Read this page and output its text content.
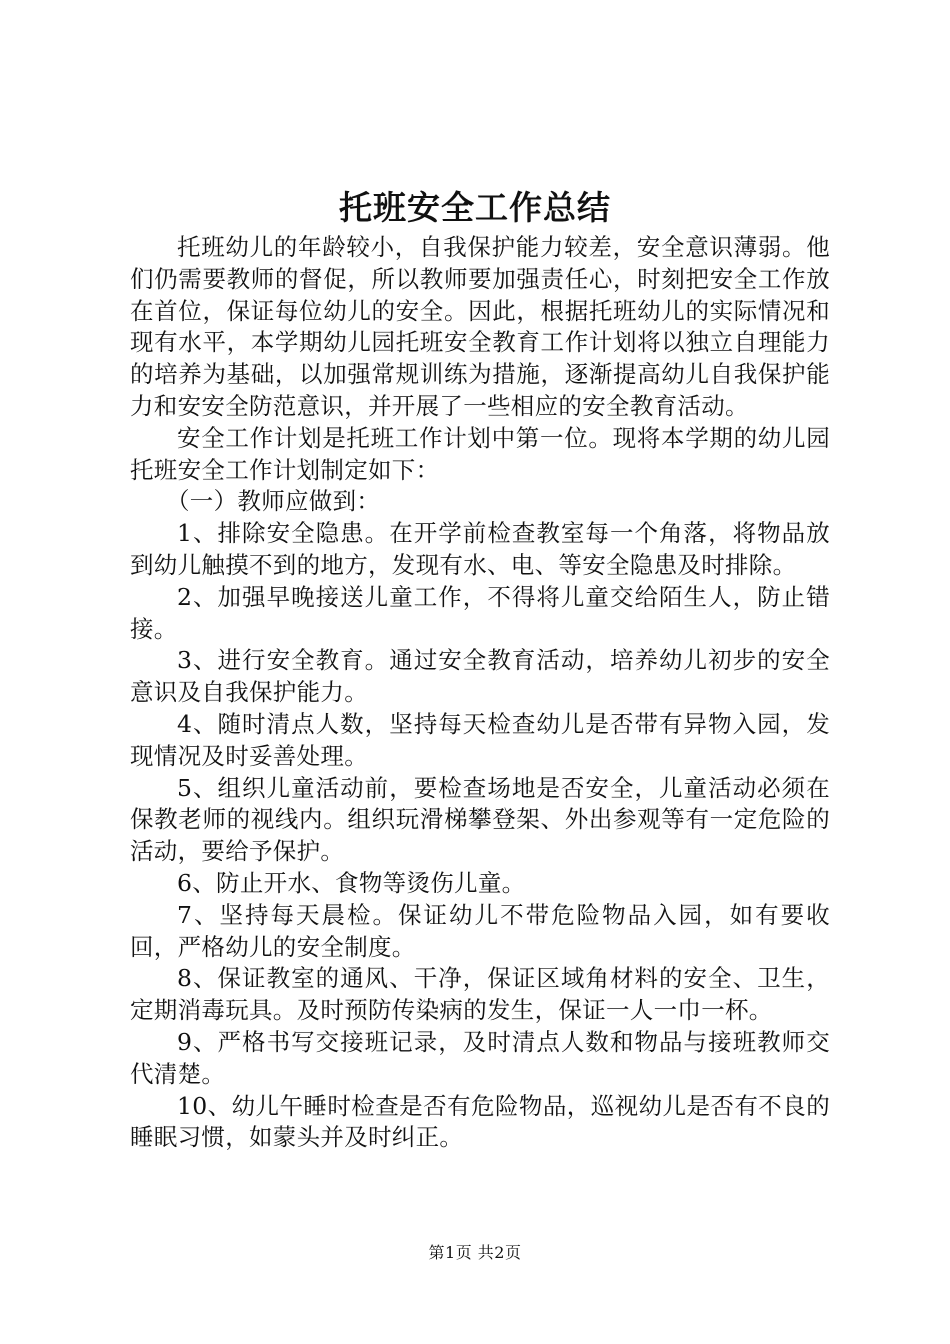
托班安全工作总结

托班幼儿的年龄较小，自我保护能力较差，安全意识薄弱。他们仍需要教师的督促，所以教师要加强责任心，时刻把安全工作放在首位，保证每位幼儿的安全。因此，根据托班幼儿的实际情况和现有水平，本学期幼儿园托班安全教育工作计划将以独立自理能力的培养为基础，以加强常规训练为措施，逐渐提高幼儿自我保护能力和安安全防范意识，并开展了一些相应的安全教育活动。

安全工作计划是托班工作计划中第一位。现将本学期的幼儿园托班安全工作计划制定如下：

（一）教师应做到：

1、排除安全隐患。在开学前检查教室每一个角落，将物品放到幼儿触摸不到的地方，发现有水、电、等安全隐患及时排除。

2、加强早晚接送儿童工作，不得将儿童交给陌生人，防止错接。

3、进行安全教育。通过安全教育活动，培养幼儿初步的安全意识及自我保护能力。

4、随时清点人数，坚持每天检查幼儿是否带有异物入园，发现情况及时妥善处理。

5、组织儿童活动前，要检查场地是否安全，儿童活动必须在保教老师的视线内。组织玩滑梯攀登架、外出参观等有一定危险的活动，要给予保护。

6、防止开水、食物等烫伤儿童。

7、坚持每天晨检。保证幼儿不带危险物品入园，如有要收回，严格幼儿的安全制度。

8、保证教室的通风、干净，保证区域角材料的安全、卫生，定期消毒玩具。及时预防传染病的发生，保证一人一巾一杯。

9、严格书写交接班记录，及时清点人数和物品与接班教师交代清楚。

10、幼儿午睡时检查是否有危险物品，巡视幼儿是否有不良的睡眠习惯，如蒙头并及时纠正。

第1页 共2页
